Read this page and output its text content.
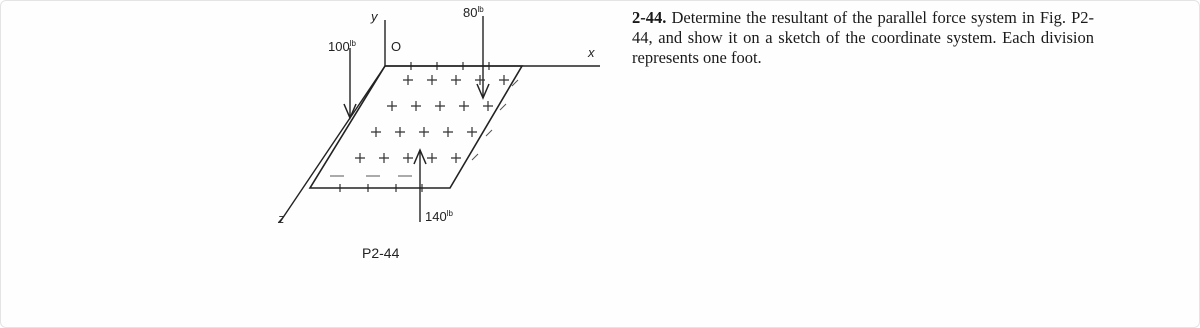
y
x
z
O
$100^{lb}$
$80^{lb}$
$140^{lb}$
P2-44
2-44. Determine the resultant of the parallel force system in Fig. P2-44, and show it on a sketch of the coordinate system. Each division represents one foot.
